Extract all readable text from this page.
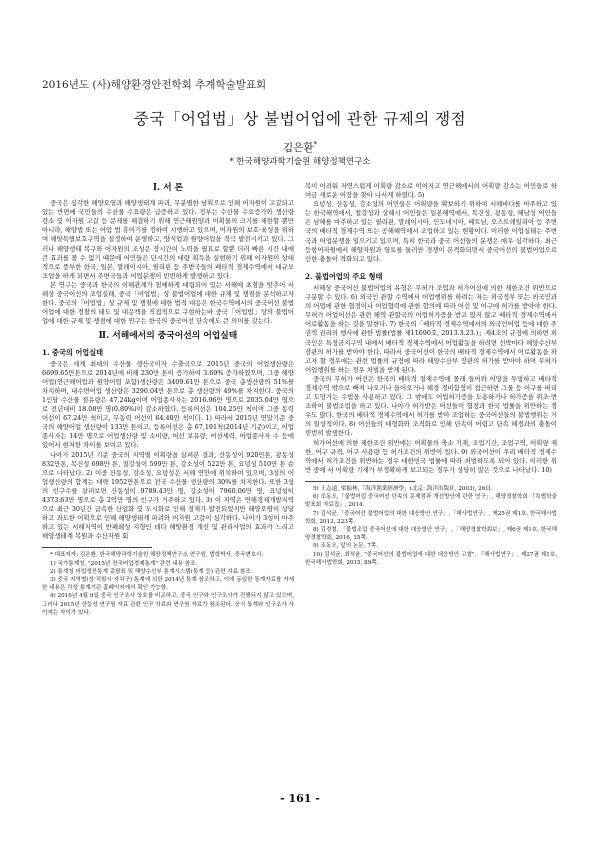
2016년도 (사)해양환경안전학회 추계학술발표회
중국「어업법」상 불법어업에 관한 규제의 쟁점
김은환*
* 한국해양과학기술원 해양정책연구소
Ⅰ. 서 론

중국은 심각한 해양오염과 해양생태계 파괴, 무분별한 남획으로 인해 어자원이 고갈되고 있는 반면에 국민들의 수산물 수요량은 급증하고 있다. 정부는 수산물 수요증가와 생산량 감소 및 어자원 고갈 등 문제를 해결하기 위해 연근해원양과 어획물의 크기를 제한할 뿐만 아니라, 해양법 또는 어업 법 휴어기를 정하여 시행하고 있으며, 어자원의 보호·육성을 위하여 해양특별보호구역을 설정하여 운영하고, 양식업과 원양어업을 적극 발전시키고 있다. 그러나 해양생태 복구와 어자원의 조성은 장시간이 노력을 필요로 할뿐 더러 빠른 시간 내에 큰 효과를 볼 수 없기 때문에 어민들은 단시간의 대량 획득을 실현하기 위해 이자원이 상대적으로 풍부한 한국, 일본, 말레이시아, 필리핀 등 주변국들의 배타적 경제수역에서 대규모 조업을 하게 되면서 주변국들과 어업분쟁이 빈번하게 발생하고 있다.

본 연구는 중국과 한국의 이해관계가 첨예하게 대립되어 있는 서해에 초점을 맞추어 서해상 중국어선의 조업실태, 중국「어업법」상 불법어업에 대한 규제 및 쟁점을 분석하고자 한다. 중국의「어업법」상 규제 및 쟁점에 대한 법적 대응은 한국수역에서의 중국어선 불법어업에 대한 경찰의 태도 및 대응책을 직접적으로 구현하는바 중국「어업법」상의 불법어업에 대한 규제 및 쟁점에 대한 연구는 한국의 중국어선 단속에도 큰 의미를 갖는다.

Ⅱ. 서해에서의 중국어선의 어업실태
1. 중국의 어업실태

중국은 세계 최대의 수산물 생산국이자 수출국으로 2015년 중국의 어업생산량은 6699.65만톤으로 2014년에 비해 230만 톤이 증가하여 3.69% 증가하였으며, 그중 해양어업(연근해어업과 원양어업 포함)생산량은 3409.61만 톤으로 중국 총생산량의 51%를 차지하며, 내수면어업 생산량은 3290.04만 톤으로 총 생산량의 49%를 차지한다. 중국의 1인당 수산물 점유량은 47.24kg이며 어업종사자는 2016.96만 명으로 2035.04만 명으로 전년대비 18.08만 명(0.89%)이 감소하였다. 등록어선은 104.25만 척이며 그중 동력 어선이 67.24만 척이고, 무동력 어선이 64.48만 척이다. 1) 따라서 2015년 연말기준 중국의 해양어업 생산량이 133만 톤이고, 등록어선은 총 67,191척(2014년 기준)이고, 어업종사자는 14만 명으로 어업생산량 및 소비량, 어선 보유량, 어선세력, 어업종사자 수 등에 있어서 현저한 차이를 보이고 있다.

나아가 2015년 기준 중국의 지역별 어획량을 살펴본 결과, 산동성이 920만톤, 광동성 832만톤, 복건성 698만 톤, 절강성이 599만 톤, 강소성이 522만 톤, 요녕성 510만 톤 순으로 나타났다. 2) 이중 산동성, 강소성, 요녕성은 서해 연안에 위치하여 있으며, 3성의 어업생산량의 합계는 대략 1952만톤으로 전국 수산물 생산량의 30%를 차지한다. 또한 3성의 인구수를 살펴보면 산동성이 9789.43만 명, 강소성이 7960.06만 명, 요녕성이 4373.63만 명으로 총 2억만 명의 인구가 거주하고 있다. 3) 이 지역은 연해경제개발지역으로 최근 30년간 급속한 산업화 및 도시화로 인해 경제가 발전되었지만 해양오염이 상당하고 과도한 어획으로 인해 해양생태계 파괴와 어자원 고갈이 심각하다. 나아가 3성이 마주하고 있는 서해지역이 반폐쇄성 지형인 데다 해양환경 개선 및 관리사업의 효과가 느리고 해양생태계 복원과 수산자원 회

* 대표저자: 김은환, 한국해양과학기술원 해양정책연구소 연구원, 법학박사, 중국변호사.

1) 국가통계청, "2015년 전국어업경제통계" 관련 내용 참조.

2) 통계청 어업생산통계 총괄표 및 해양수산부 통계시스템(통계 등) 관련 자료 참조.

3) 중국 지역별(성·직할시·자치구) 통계에 의한 2014년 통계 참조하고, 이에 동일한 통계자료를 자세한 내용은 각성 통계기관 홈페이지에서 확인 가능함.

4) 2016년 4월 9일 중국 인구조사 상호를 비교하고, 중국 인구와 인구조사가 진행되지 않고 있으며, 그러나 2015년 산둥성 연구원 자료 관련 인구 자료와 연구원 자료가 참조된다. 공식 통계와 인구조사 사이에는 차이가 있다.

복이 어려워 자연스럽게 어획량 감소로 이어지고 연근해에서의 어획량 감소는 어민들로 하여금 새로운 어장을 찾아 나서게 하였다. 5)

요녕성, 산동성, 강소성의 어민들은 어획량을 확보하기 위하여 서해바다를 마주하고 있는 한국해역에서, 절강성과 상해시 어민들은 일본해역에서, 복건성, 광동성, 해남성 어민들은 남해를 마주하고 있는 필리핀, 말레이시아, 인도네시아, 베트남, 오스트레일리아 등 주변국의 배타적 경제수역 또는 공해해역에서 조업하고 있는 현황이다. 이러한 어업실태는 주변국과 어업분쟁을 일으키고 있으며, 특히 한국과 중국 어선들의 분쟁은 매우 심각하다. 최근 등항어자원에서 해양자원과 영토를 둘러싼 경쟁이 본격화되면서 중국어선의 불법어업으로 인한 충돌이 격화되고 있다.

2. 불법어업의 주요 형태

서해상 중국어선 불법어업의 유형은 무허가 조업과 허가어선에 의한 제한조건 위반으로 구분할 수 있다. 6) 외국인 관할 수역에서 어업행위를 하려는 자는 외국정부 또는 외국인과의 어업에 관한 협정이나 어업협력에 관한 합의에 따라 어선 및 어구에 허가를 받아야 한다. 무허가 어업어선은 관련 해역 관할국의 어업허가증을 받고 있지 않고 배타적 경제수역에서 어로활동을 하는 것을 말한다. 7) 한국의「배타적 경제수역에서의 외국인어업 등에 대한 주권적 권리의 행사에 관한 법률(법률 제11690호, 2013.3.23.)」제4조의 규정에 의하면 외국인은 특정금지구역 내에서 배타적 경제수역에서 어업활동을 하려면 선박마다 해양수산부 장관의 허가를 받아야 한다. 따라서 중국어선이 한국의 배타적 경제수역에서 어로활동을 하고자 할 경우에는 관련 법률의 규정에 따라 해양수산부 장관의 허가를 받아야 하며 무허가 어업행위를 하는 경우 처벌을 받게 된다.

중국의 무허가 어선은 한국의 배타적 경제수역에 몰래 들어와 어망을 투망하고 배타적 경제수역 밖으로 빠져 나오거나 들어오거나 해경 경비함정이 접근하면 그물 등 어구를 버리고 도망가는 수법을 사용하고 있다. 그 밖에도 어업허가증을 도용하거나 허가증을 위조·변조하여 불법조업을 하고 있다. 나아가 허가받은 어선들이 협정과 한국 법률을 위반하는 경우도 많다. 한국의 배타적 경제수역에서 허가를 받아 조업하는 중국어선들의 불법행위는 거의 일상적이다. 8) 어선들의 대형화와 조직화로 인해 단속이 어렵고 단속 해경과의 충돌이 빈번히 발생한다.

허가어선에 의한 제한조건 위반에는 어획물의 축소 기재, 조업기간, 조업구역, 어획량 제한, 어구 규격, 어구 사용량 등 허가조건의 위반이 있다. 9) 외국어선이 우리 배타적 경제수역에서 허가조건을 위반하는 경우 대한민국 법률에 따라 처벌하도록 되어 있다. 이러한 위반 중에 서 어획량 기재가 부정확하게 보고되는 경우가 상당히 많은 것으로 나타났다. 10)

5) 王志遠, 梁振林,「海洋漁業經濟學」(北京: 海洋出版社, 2003), 26頁.

6) 조동오,「불법어업 중국어선 단속의 문제점과 개선방안에 관한 연구」, 해양경찰학회 『특별학술발표회 자료집』, 2014.

7) 김석균,「중국어선 불법어업의 대한 대응방안 연구」,「해사법연구」, 제25권 제1호, 한국해사법학회, 2013, 223쪽.

8) 김경철, 「불법조업 중국어선에 대한 대응방안 연구」, 「해양경찰학회보」, 제6권 제1호, 한국해양경찰학회, 2016, 15쪽.

9) 조동오, 앞의 논문, 7쪽.

10) 김석균, 최석윤, "중국어선의 불법어업에 대한 대응방안 고찰", 『해사법연구』, 제27권 제1호, 한국해사법학회, 2015, 89쪽.

- 161 -
